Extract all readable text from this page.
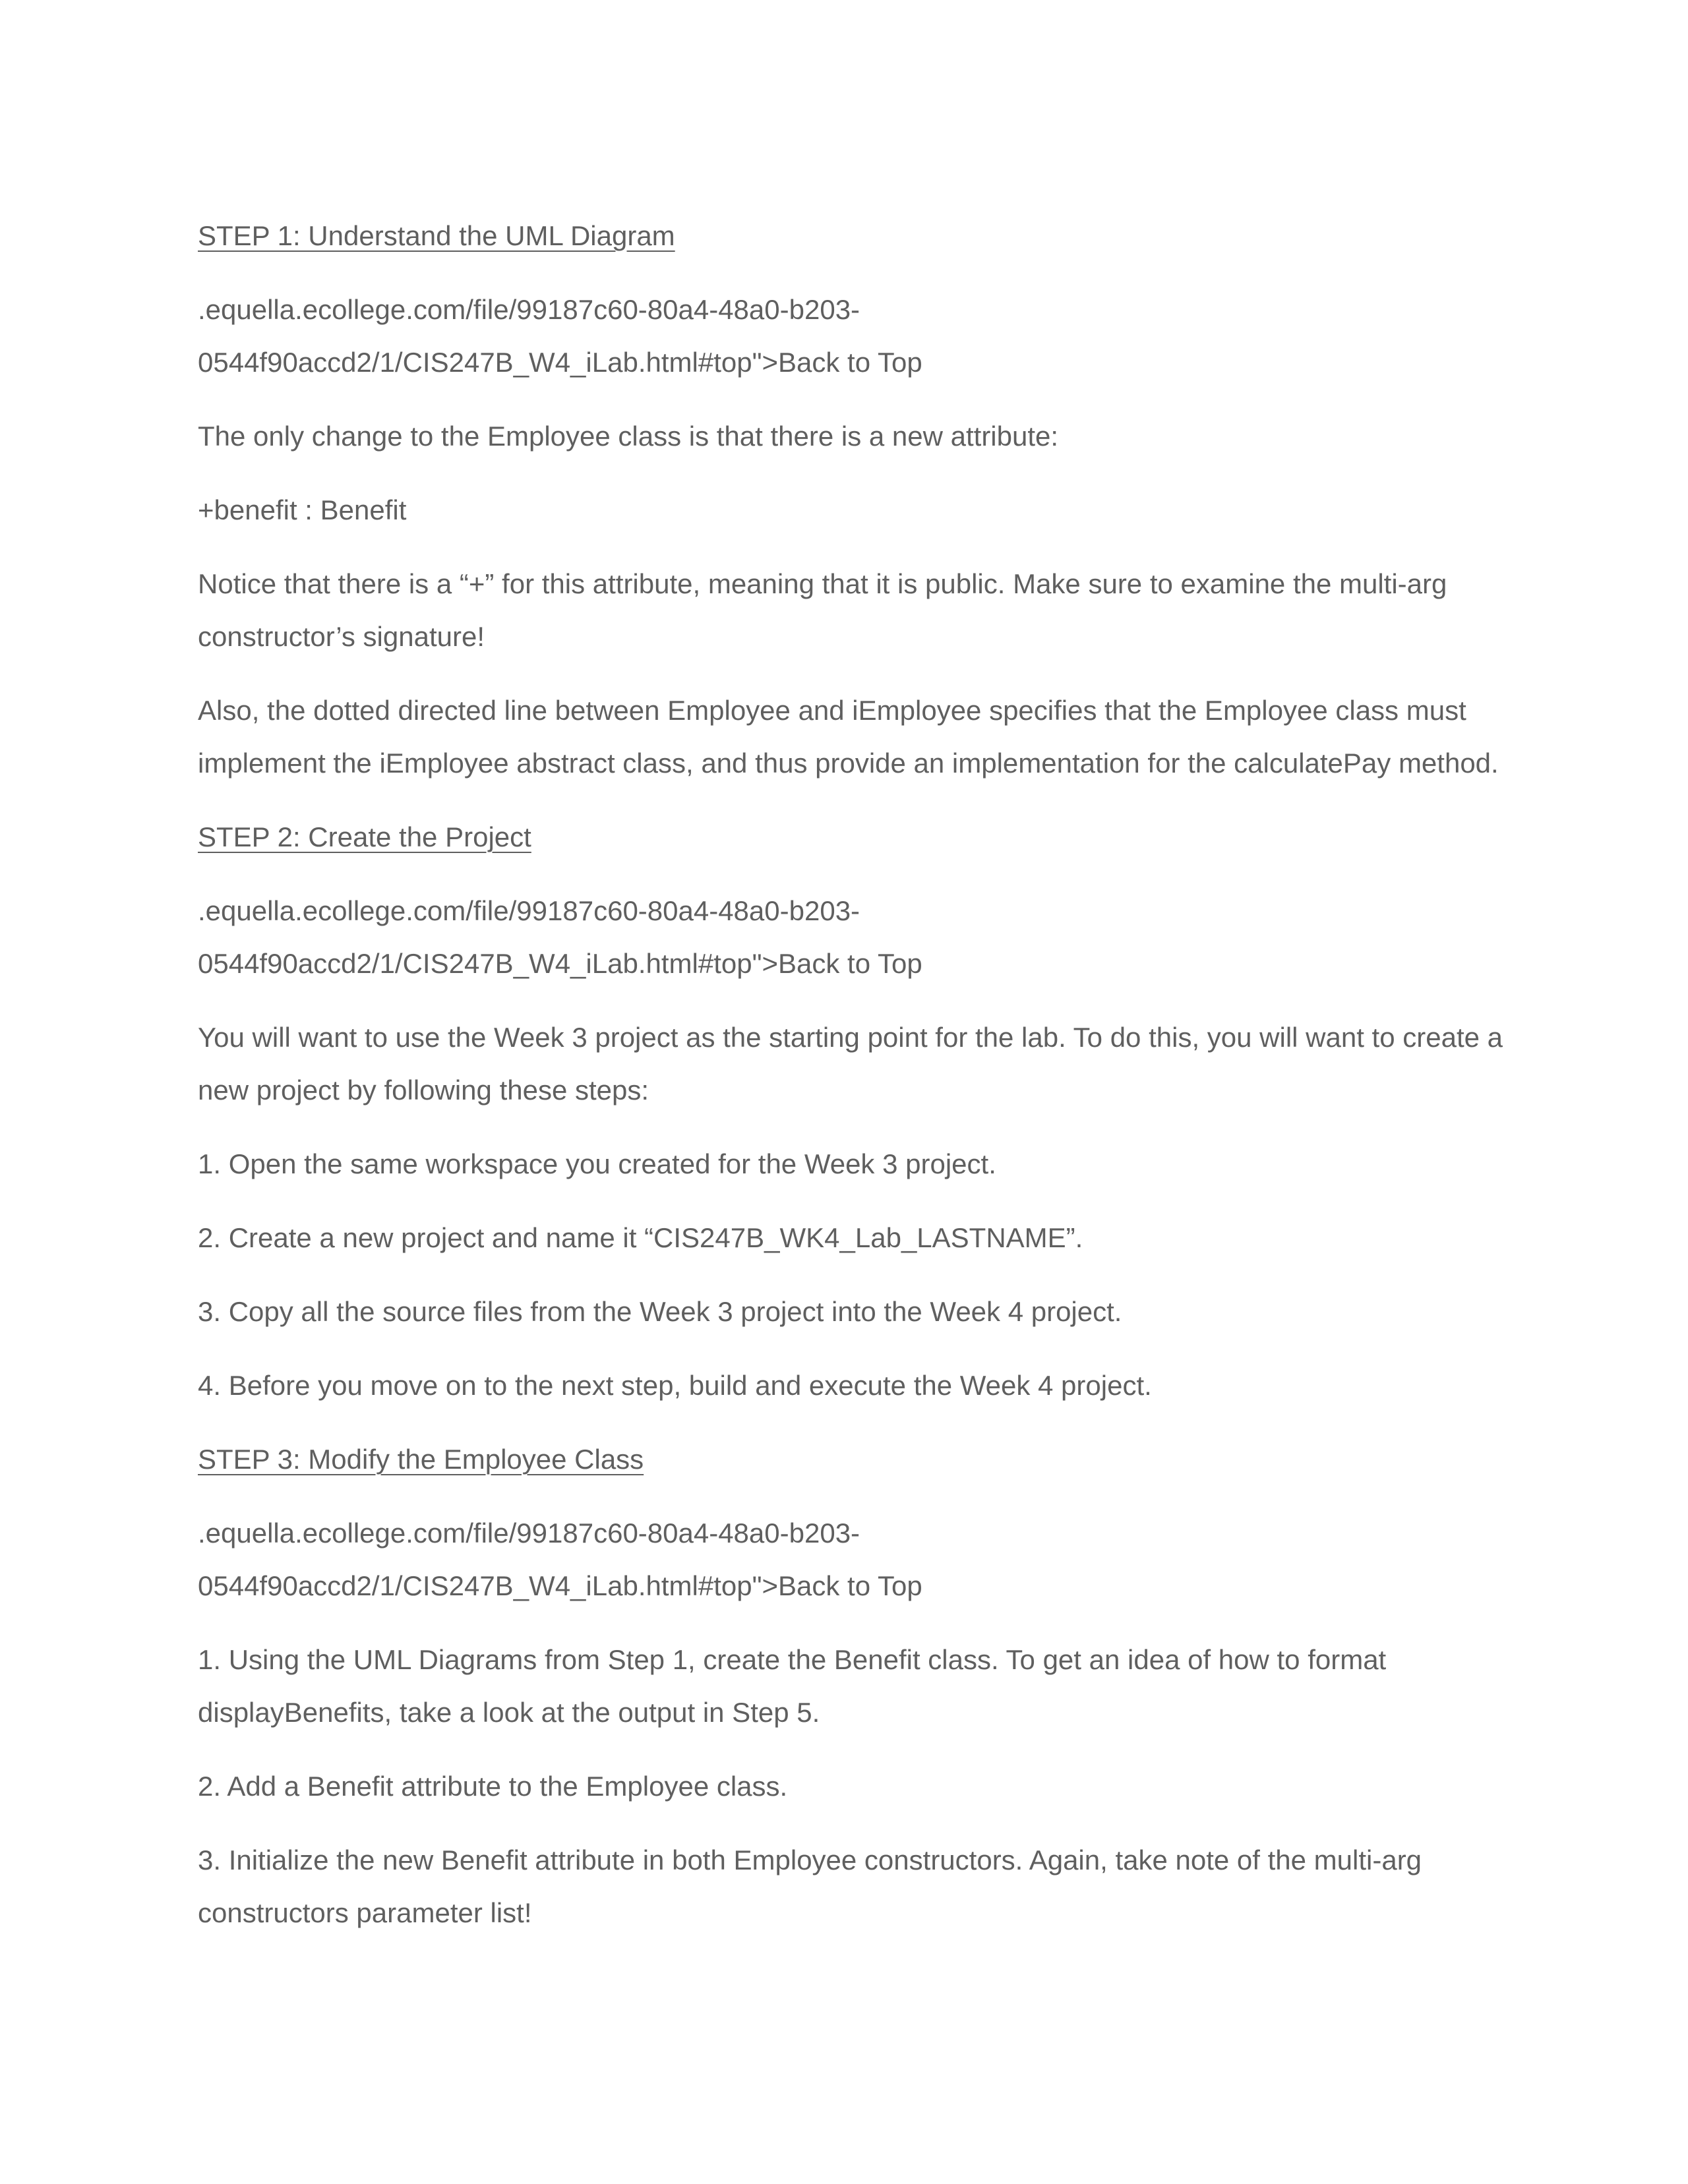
STEP 1: Understand the UML Diagram
.equella.ecollege.com/file/99187c60-80a4-48a0-b203-
0544f90accd2/1/CIS247B_W4_iLab.html#top">Back to Top
The only change to the Employee class is that there is a new attribute:
+benefit : Benefit
Notice that there is a “+” for this attribute, meaning that it is public. Make sure to examine the multi-arg constructor’s signature!
Also, the dotted directed line between Employee and iEmployee specifies that the Employee class must implement the iEmployee abstract class, and thus provide an implementation for the calculatePay method.
STEP 2: Create the Project
.equella.ecollege.com/file/99187c60-80a4-48a0-b203-
0544f90accd2/1/CIS247B_W4_iLab.html#top">Back to Top
You will want to use the Week 3 project as the starting point for the lab. To do this, you will want to create a new project by following these steps:
1. Open the same workspace you created for the Week 3 project.
2. Create a new project and name it “CIS247B_WK4_Lab_LASTNAME”.
3. Copy all the source files from the Week 3 project into the Week 4 project.
4. Before you move on to the next step, build and execute the Week 4 project.
STEP 3: Modify the Employee Class
.equella.ecollege.com/file/99187c60-80a4-48a0-b203-
0544f90accd2/1/CIS247B_W4_iLab.html#top">Back to Top
1. Using the UML Diagrams from Step 1, create the Benefit class. To get an idea of how to format displayBenefits, take a look at the output in Step 5.
2. Add a Benefit attribute to the Employee class.
3. Initialize the new Benefit attribute in both Employee constructors. Again, take note of the multi-arg constructors parameter list!
